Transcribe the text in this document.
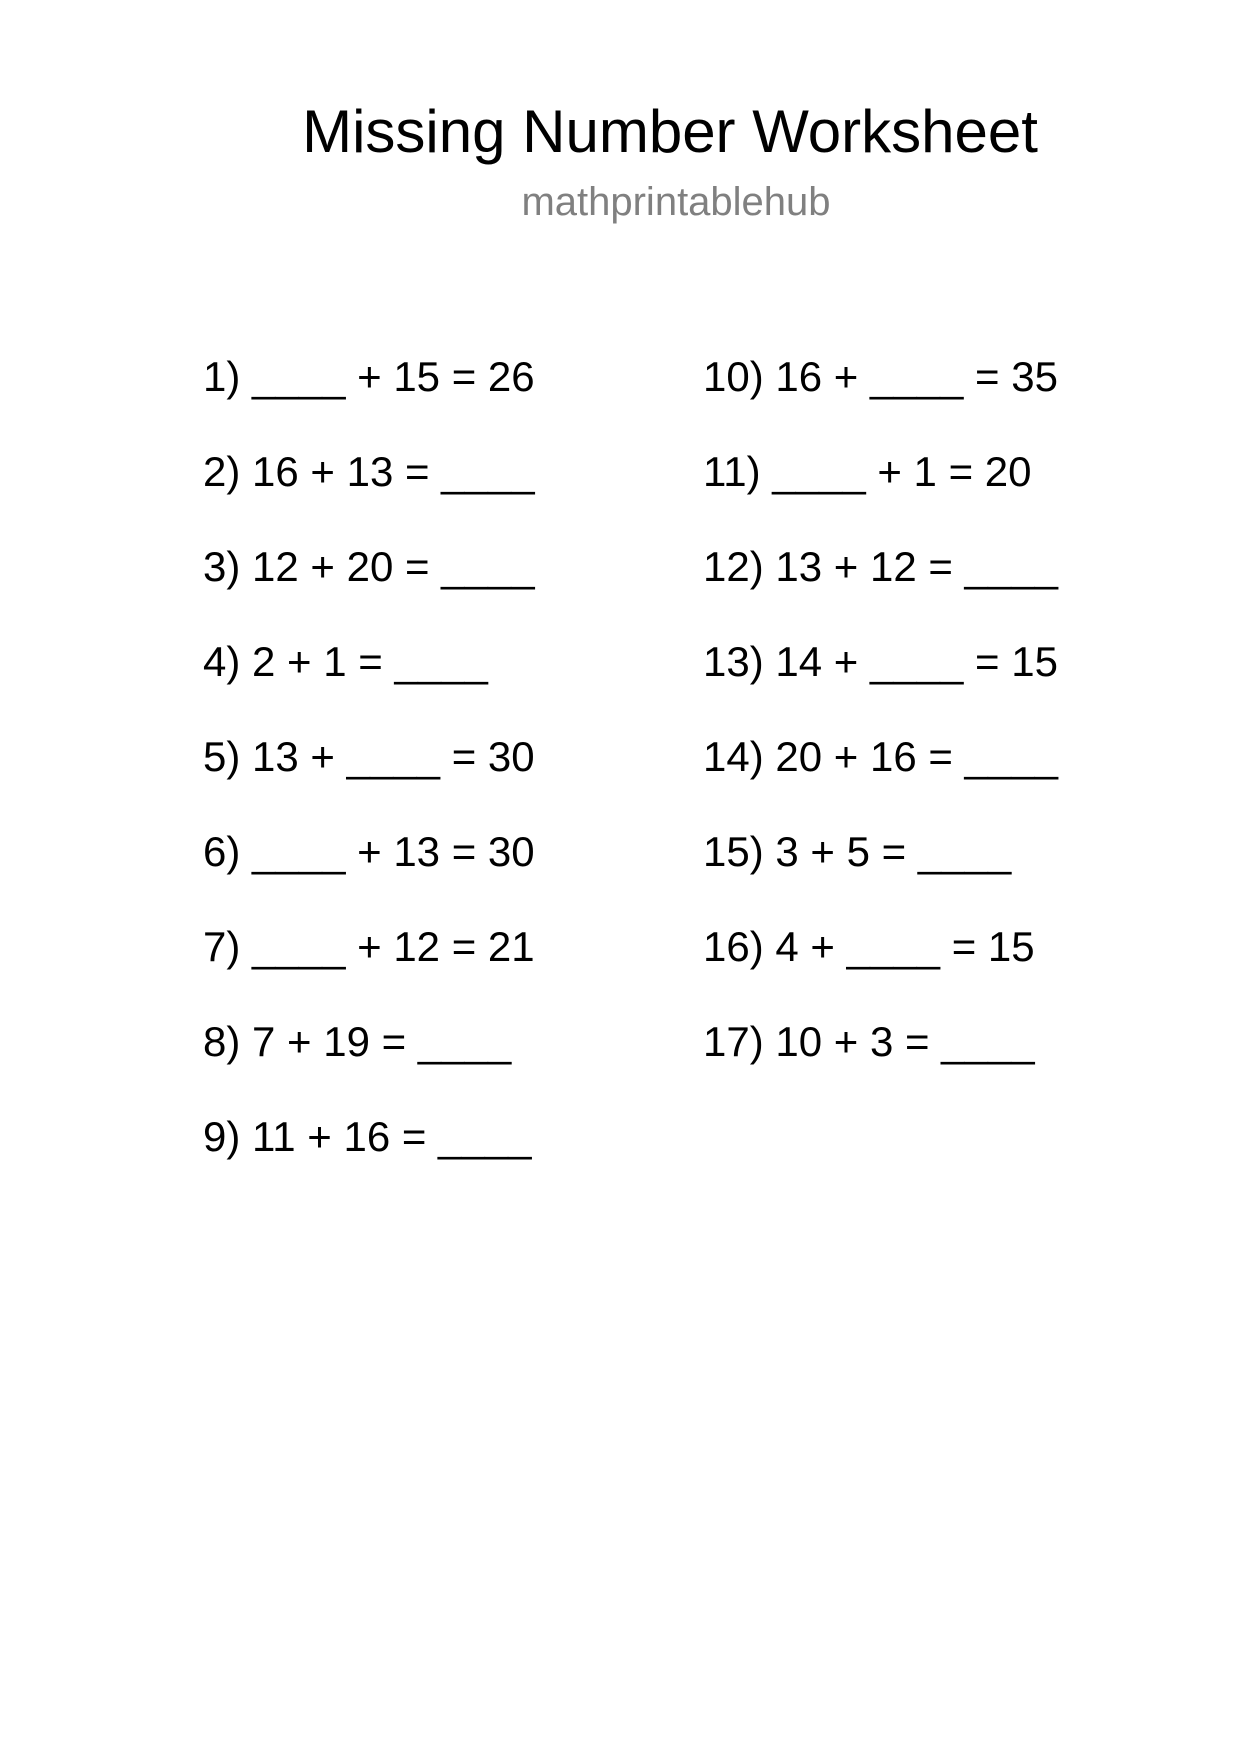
Missing Number Worksheet
mathprintablehub
1) ____ + 15 = 26
2) 16 + 13 = ____
3) 12 + 20 = ____
4) 2 + 1 = ____
5) 13 + ____ = 30
6) ____ + 13 = 30
7) ____ + 12 = 21
8) 7 + 19 = ____
9) 11 + 16 = ____
10) 16 + ____ = 35
11) ____ + 1 = 20
12) 13 + 12 = ____
13) 14 + ____ = 15
14) 20 + 16 = ____
15) 3 + 5 = ____
16) 4 + ____ = 15
17) 10 + 3 = ____
